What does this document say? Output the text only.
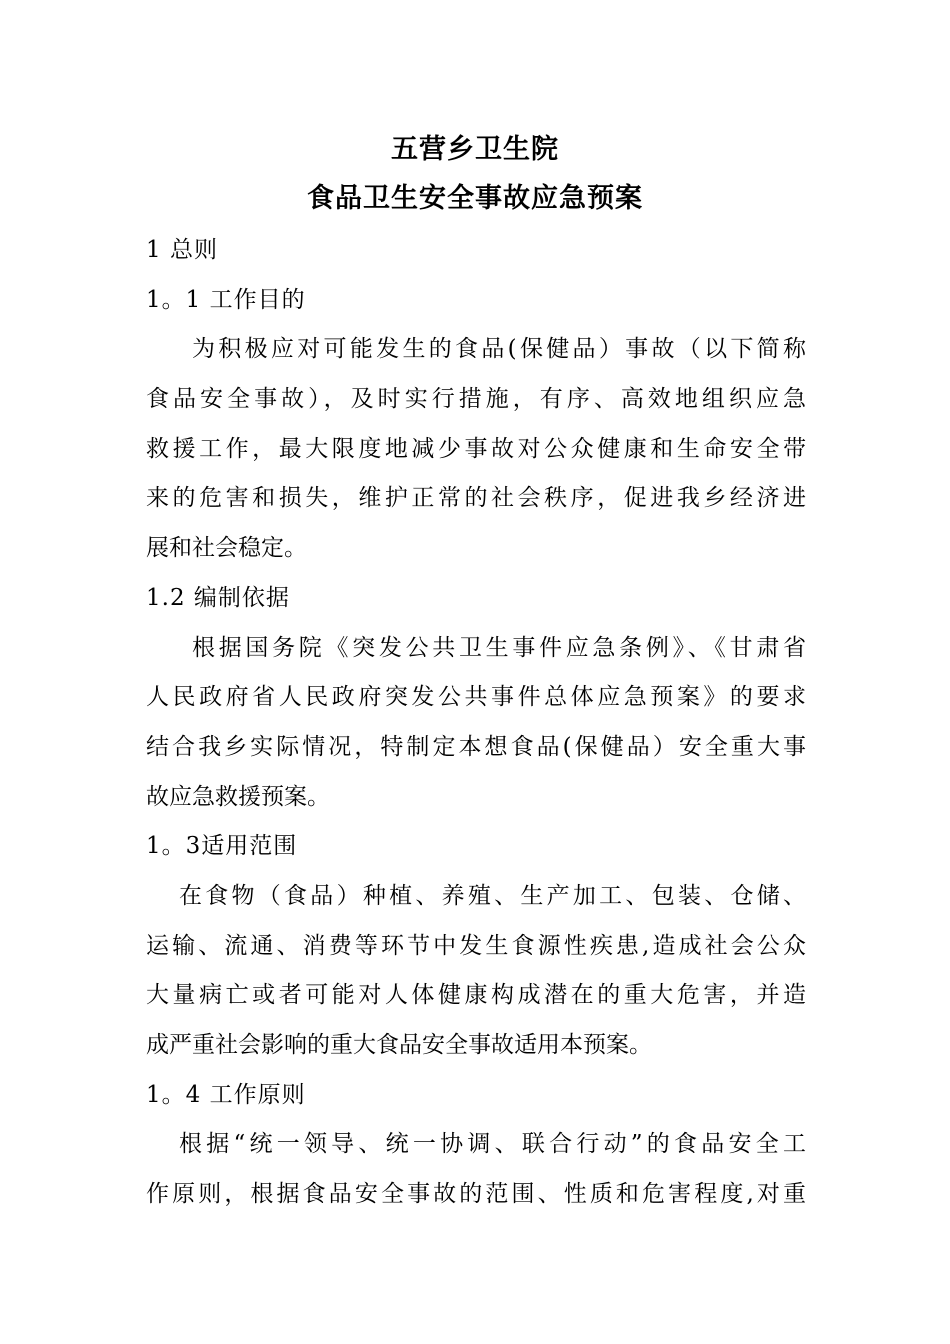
五营乡卫生院
食品卫生安全事故应急预案
1 总则
1。1 工作目的
为积极应对可能发生的食品(保健品）事故（以下简称
食品安全事故），及时实行措施，有序、高效地组织应急
救援工作，最大限度地减少事故对公众健康和生命安全带
来的危害和损失，维护正常的社会秩序，促进我乡经济进
展和社会稳定。
1.2 编制依据
根据国务院《突发公共卫生事件应急条例》、《甘肃省
人民政府省人民政府突发公共事件总体应急预案》的要求
结合我乡实际情况，特制定本想食品(保健品）安全重大事
故应急救援预案。
1。3适用范围
在食物（食品）种植、养殖、生产加工、包装、仓储、
运输、流通、消费等环节中发生食源性疾患,造成社会公众
大量病亡或者可能对人体健康构成潜在的重大危害，并造
成严重社会影响的重大食品安全事故适用本预案。
1。4 工作原则
根据“统一领导、统一协调、联合行动”的食品安全工
作原则，根据食品安全事故的范围、性质和危害程度,对重
